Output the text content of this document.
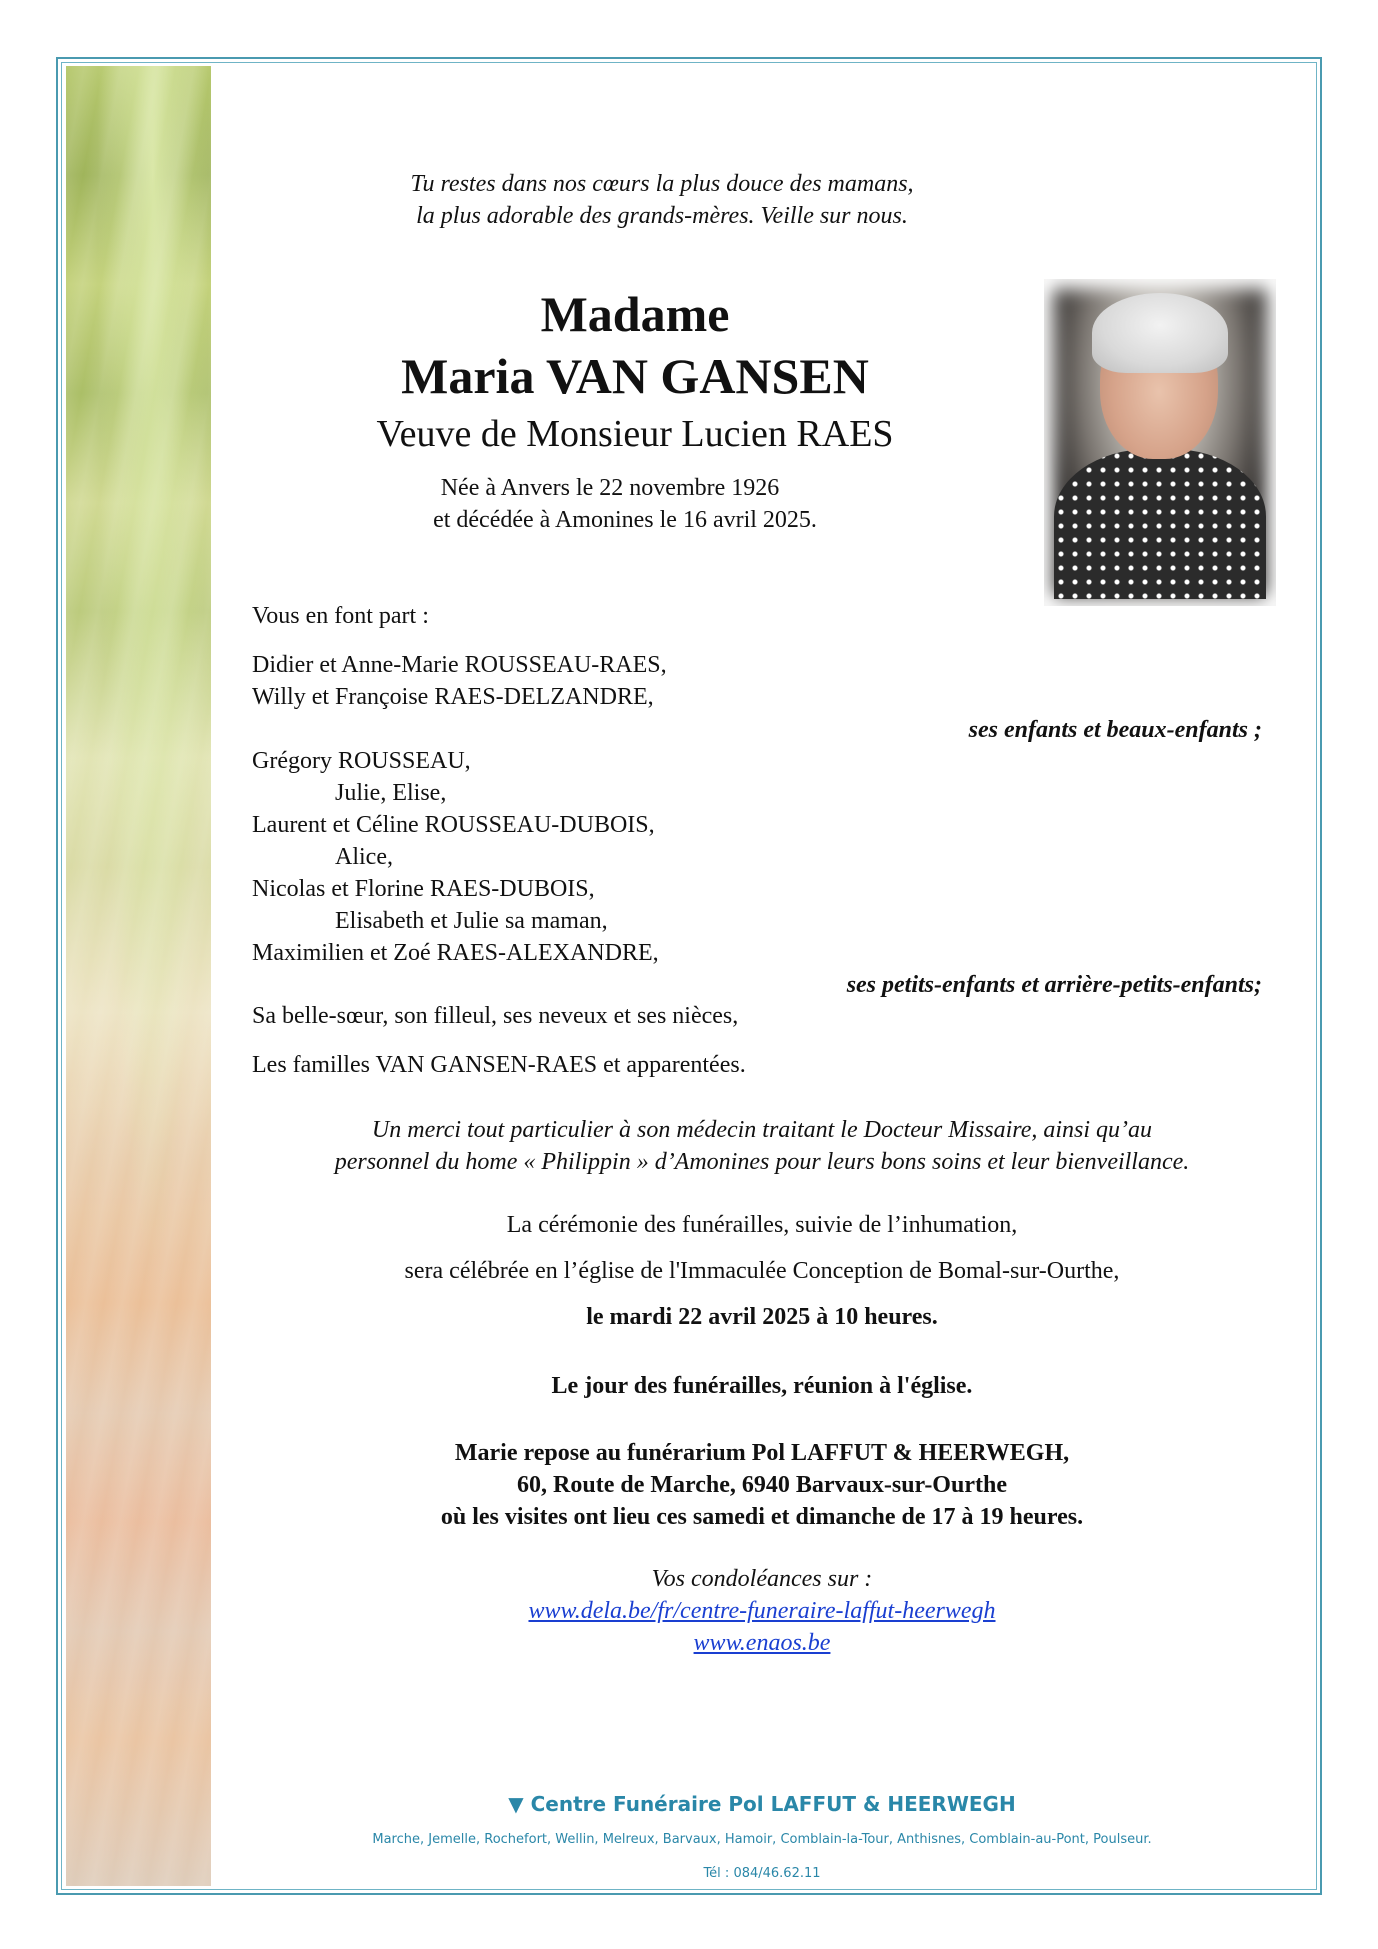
Tu restes dans nos cœurs la plus douce des mamans,
la plus adorable des grands-mères. Veille sur nous.
Madame
Maria VAN GANSEN
Veuve de Monsieur Lucien RAES
Née à Anvers le 22 novembre 1926
et décédée à Amonines le 16 avril 2025.
Vous en font part :
Didier et Anne-Marie ROUSSEAU-RAES,
Willy et Françoise RAES-DELZANDRE,
ses enfants et beaux-enfants ;
Grégory ROUSSEAU,
Julie, Elise,
Laurent et Céline ROUSSEAU-DUBOIS,
Alice,
Nicolas et Florine RAES-DUBOIS,
Elisabeth et Julie sa maman,
Maximilien et Zoé RAES-ALEXANDRE,
ses petits-enfants et arrière-petits-enfants;
Sa belle-sœur, son filleul, ses neveux et ses nièces,
Les familles VAN GANSEN-RAES et apparentées.
Un merci tout particulier à son médecin traitant le Docteur Missaire, ainsi qu’au
personnel du home « Philippin » d’Amonines pour leurs bons soins et leur bienveillance.
La cérémonie des funérailles, suivie de l’inhumation,
sera célébrée en l’église de l'Immaculée Conception de Bomal-sur-Ourthe,
le mardi 22 avril 2025 à 10 heures.
Le jour des funérailles, réunion à l'église.
Marie repose au funérarium Pol LAFFUT & HEERWEGH,
60, Route de Marche, 6940 Barvaux-sur-Ourthe
où les visites ont lieu ces samedi et dimanche de 17 à 19 heures.
Vos condoléances sur :
www.dela.be/fr/centre-funeraire-laffut-heerwegh
www.enaos.be
▼ Centre Funéraire Pol LAFFUT & HEERWEGH
Marche, Jemelle, Rochefort, Wellin, Melreux, Barvaux, Hamoir, Comblain-la-Tour, Anthisnes, Comblain-au-Pont, Poulseur.
Tél : 084/46.62.11
